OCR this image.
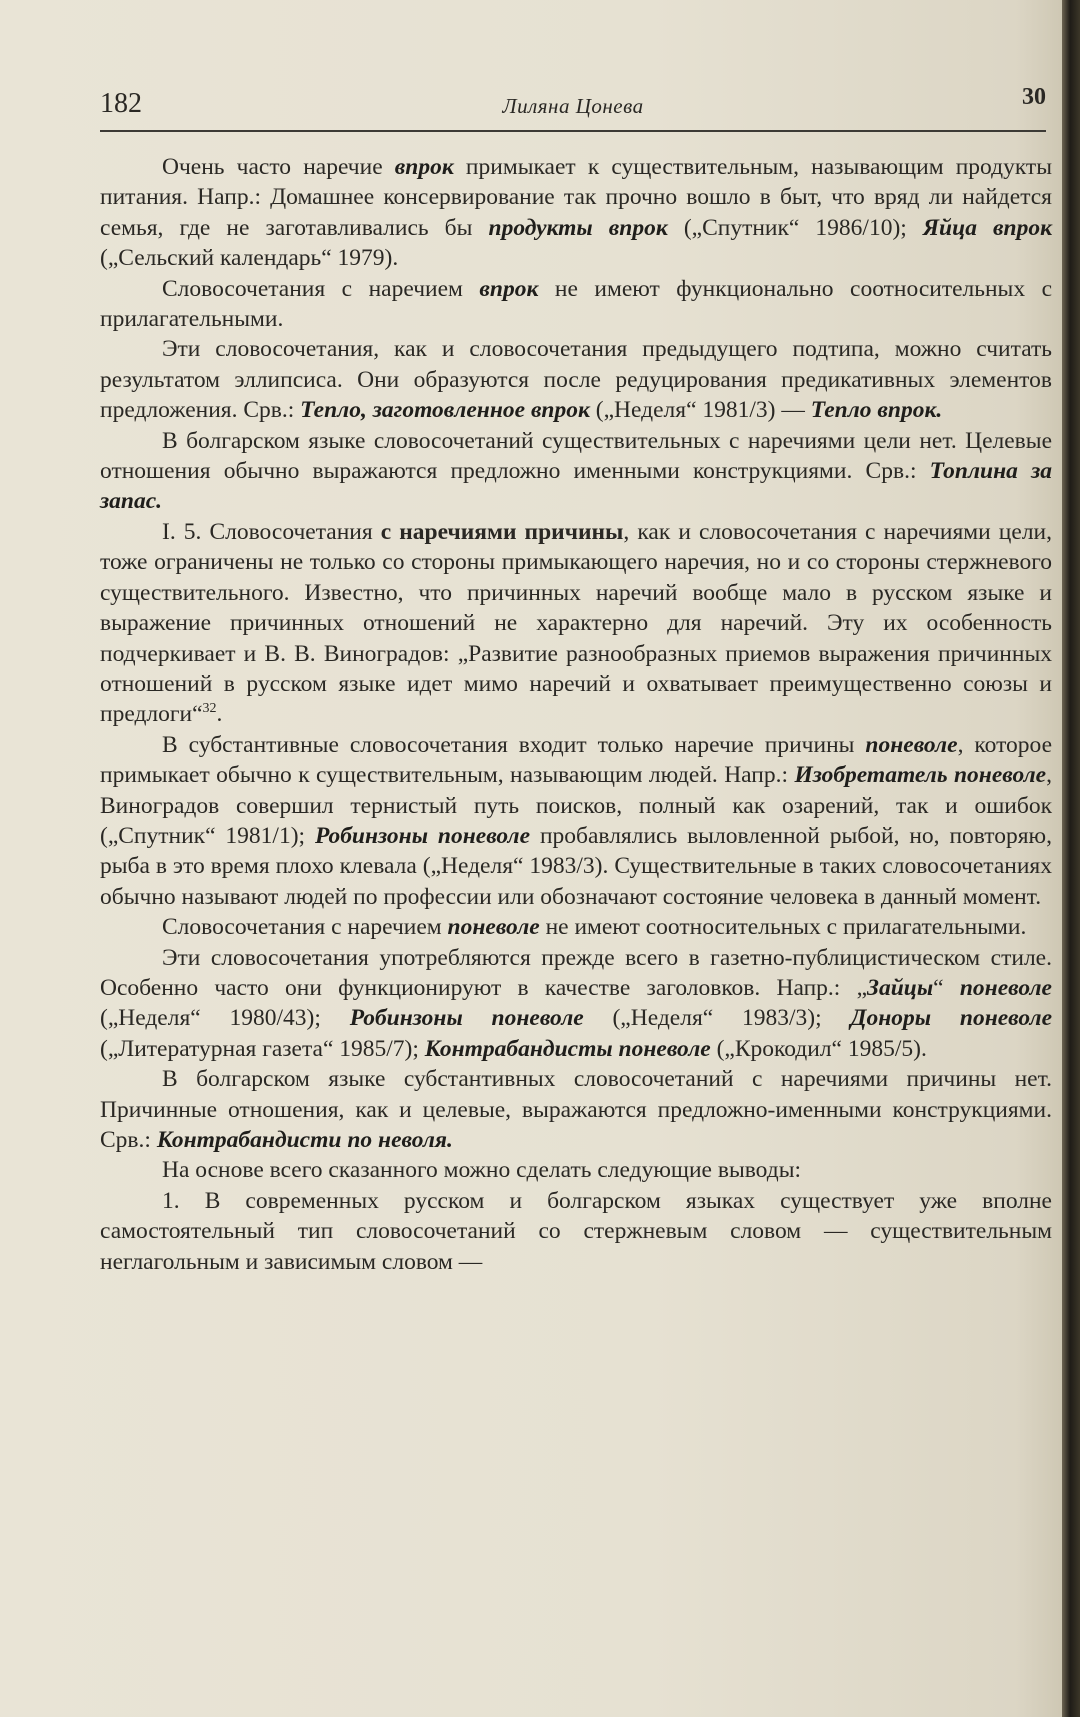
182	Лиляна Цонева	30

Очень часто наречие впрок примыкает к существительным, называющим продукты питания. Напр.: Домашнее консервирование так прочно вошло в быт, что вряд ли найдется семья, где не заготавливались бы продукты впрок („Спутник“ 1986/10); Яйца впрок („Сельский календарь“ 1979).

Словосочетания с наречием впрок не имеют функционально соотносительных с прилагательными.

Эти словосочетания, как и словосочетания предыдущего подтипа, можно считать результатом эллипсиса. Они образуются после редуцирования предикативных элементов предложения. Срв.: Тепло, заготовленное впрок („Неделя“ 1981/3) — Тепло впрок.

В болгарском языке словосочетаний существительных с наречиями цели нет. Целевые отношения обычно выражаются предложно именными конструкциями. Срв.: Топлина за запас.

I. 5. Словосочетания с наречиями причины, как и словосочетания с наречиями цели, тоже ограничены не только со стороны примыкающего наречия, но и со стороны стержневого существительного. Известно, что причинных наречий вообще мало в русском языке и выражение причинных отношений не характерно для наречий. Эту их особенность подчеркивает и В. В. Виноградов: „Развитие разнообразных приемов выражения причинных отношений в русском языке идет мимо наречий и охватывает преимущественно союзы и предлоги“$^{32}$.

В субстантивные словосочетания входит только наречие причины поневоле, которое примыкает обычно к существительным, называющим людей. Напр.: Изобретатель поневоле, Виноградов совершил тернистый путь поисков, полный как озарений, так и ошибок („Спутник“ 1981/1); Робинзоны поневоле пробавлялись выловленной рыбой, но, повторяю, рыба в это время плохо клевала („Неделя“ 1983/3). Существительные в таких словосочетаниях обычно называют людей по профессии или обозначают состояние человека в данный момент.

Словосочетания с наречием поневоле не имеют соотносительных с прилагательными.

Эти словосочетания употребляются прежде всего в газетно-публицистическом стиле. Особенно часто они функционируют в качестве заголовков. Напр.: „Зайцы“ поневоле („Неделя“ 1980/43); Робинзоны поневоле („Неделя“ 1983/3); Доноры поневоле („Литературная газета“ 1985/7); Контрабандисты поневоле („Крокодил“ 1985/5).

В болгарском языке субстантивных словосочетаний с наречиями причины нет. Причинные отношения, как и целевые, выражаются предложно-именными конструкциями. Срв.: Контрабандисти по неволя.

На основе всего сказанного можно сделать следующие выводы:

1. В современных русском и болгарском языках существует уже вполне самостоятельный тип словосочетаний со стержневым словом — существительным неглагольным и зависимым словом —
